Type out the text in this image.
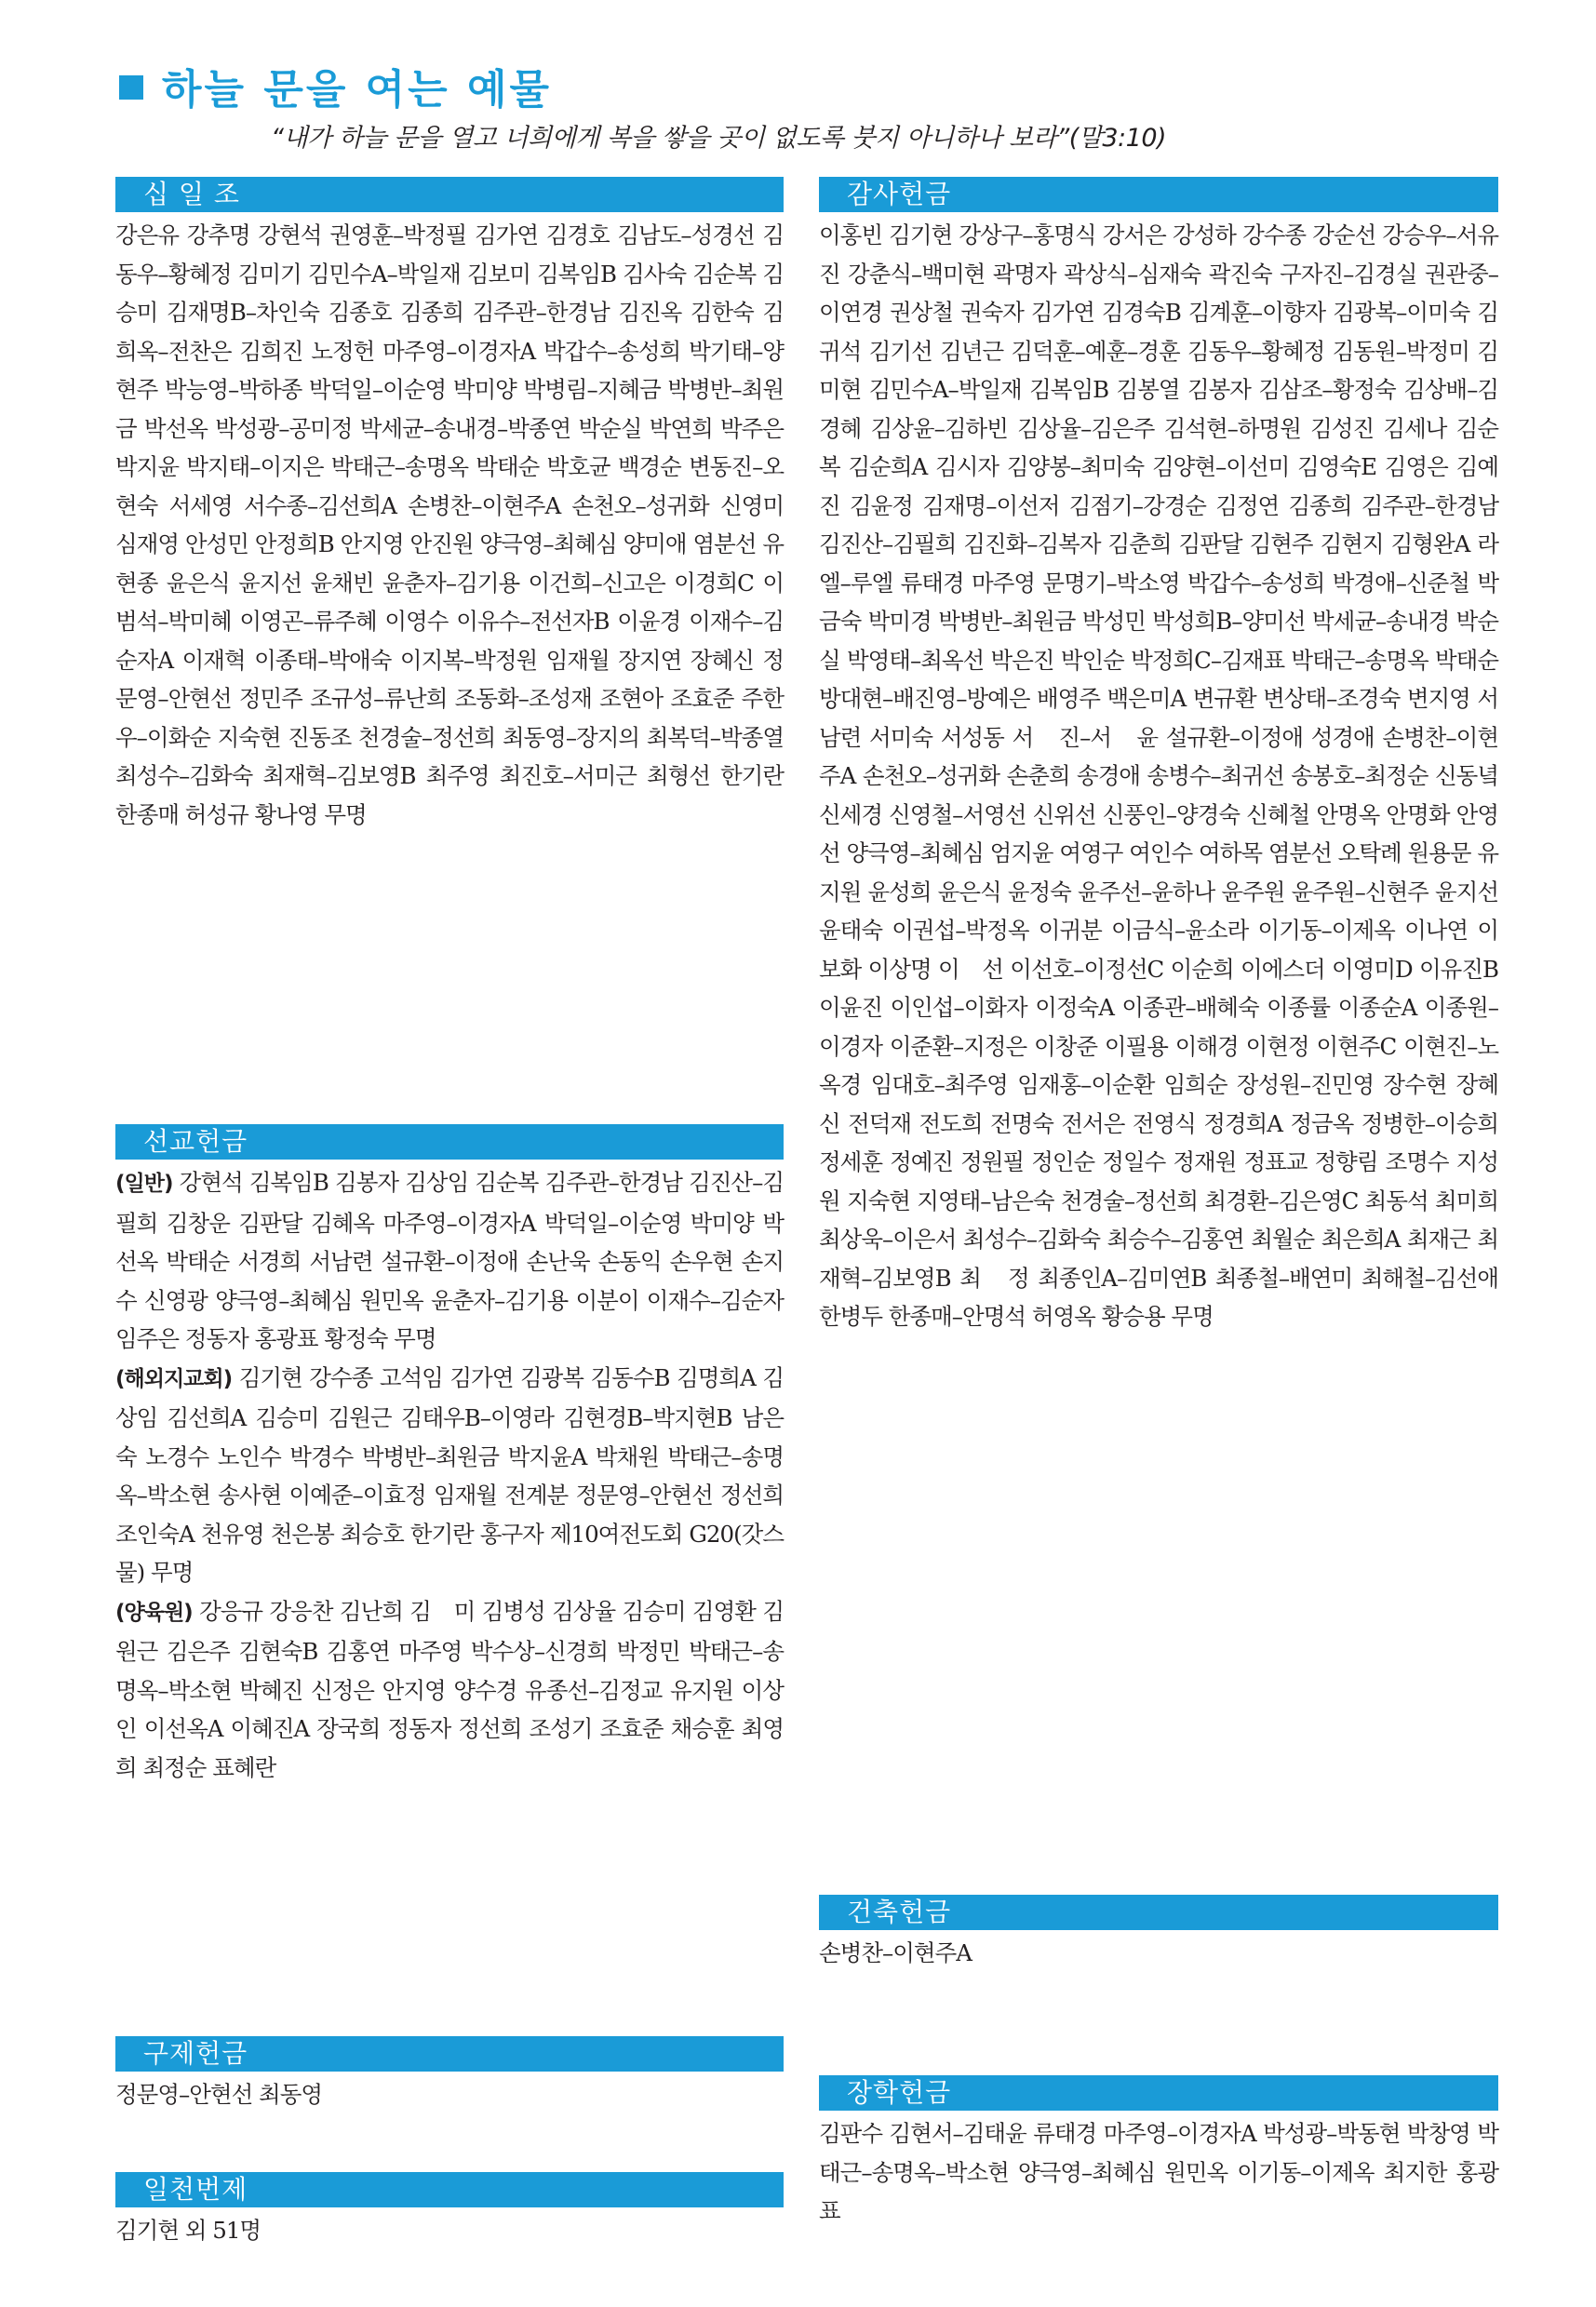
하늘 문을 여는 예물
“내가 하늘 문을 열고 너희에게 복을 쌓을 곳이 없도록 붓지 아니하나 보라”(말3:10)
십 일 조
강은유 강추명 강현석 권영훈–박정필 김가연 김경호 김남도–성경선 김동우–황혜정 김미기 김민수A–박일재 김보미 김복임B 김사숙 김순복 김승미 김재명B–차인숙 김종호 김종희 김주관–한경남 김진옥 김한숙 김희옥–전찬은 김희진 노정헌 마주영–이경자A 박갑수–송성희 박기태–양현주 박능영–박하종 박덕일–이순영 박미양 박병림–지혜금 박병반–최원금 박선옥 박성광–공미정 박세균–송내경–박종연 박순실 박연희 박주은 박지윤 박지태–이지은 박태근–송명옥 박태순 박호균 백경순 변동진–오현숙 서세영 서수종–김선희A 손병찬–이현주A 손천오–성귀화 신영미 심재영 안성민 안정희B 안지영 안진원 양극영–최혜심 양미애 염분선 유현종 윤은식 윤지선 윤채빈 윤춘자–김기용 이건희–신고은 이경희C 이범석–박미혜 이영곤–류주혜 이영수 이유수–전선자B 이윤경 이재수–김순자A 이재혁 이종태–박애숙 이지복–박정원 임재월 장지연 장혜신 정문영–안현선 정민주 조규성–류난희 조동화–조성재 조현아 조효준 주한우–이화순 지숙현 진동조 천경술–정선희 최동영–장지의 최복덕–박종열 최성수–김화숙 최재혁–김보영B 최주영 최진호–서미근 최형선 한기란 한종매 허성규 황나영 무명
선교헌금

(일반) 강현석 김복임B 김봉자 김상임 김순복 김주관–한경남 김진산–김필희 김창운 김판달 김혜옥 마주영–이경자A 박덕일–이순영 박미양 박선옥 박태순 서경희 서남련 설규환–이정애 손난욱 손동익 손우현 손지수 신영광 양극영–최혜심 원민옥 윤춘자–김기용 이분이 이재수–김순자 임주은 정동자 홍광표 황정숙 무명

(해외지교회) 김기현 강수종 고석임 김가연 김광복 김동수B 김명희A 김상임 김선희A 김승미 김원근 김태우B–이영라 김현경B–박지현B 남은숙 노경수 노인수 박경수 박병반–최원금 박지윤A 박채원 박태근–송명옥–박소현 송사현 이예준–이효정 임재월 전계분 정문영–안현선 정선희 조인숙A 천유영 천은봉 최승호 한기란 홍구자 제10여전도회 G20(갓스물) 무명

(양육원) 강응규 강응찬 김난희 김　미 김병성 김상율 김승미 김영환 김원근 김은주 김현숙B 김홍연 마주영 박수상–신경희 박정민 박태근–송명옥–박소현 박혜진 신정은 안지영 양수경 유종선–김정교 유지원 이상인 이선옥A 이혜진A 장국희 정동자 정선희 조성기 조효준 채승훈 최영희 최정순 표혜란

구제헌금
정문영–안현선 최동영
일천번제
김기현 외 51명
감사헌금
이홍빈 김기현 강상구–홍명식 강서은 강성하 강수종 강순선 강승우–서유진 강춘식–백미현 곽명자 곽상식–심재숙 곽진숙 구자진–김경실 권관중–이연경 권상철 권숙자 김가연 김경숙B 김계훈–이향자 김광복–이미숙 김귀석 김기선 김년근 김덕훈–예훈–경훈 김동우–황혜정 김동원–박정미 김미현 김민수A–박일재 김복임B 김봉열 김봉자 김삼조–황정숙 김상배–김경혜 김상윤–김하빈 김상율–김은주 김석현–하명원 김성진 김세나 김순복 김순희A 김시자 김양봉–최미숙 김양현–이선미 김영숙E 김영은 김예진 김윤정 김재명–이선저 김점기–강경순 김정연 김종희 김주관–한경남 김진산–김필희 김진화–김복자 김춘희 김판달 김현주 김현지 김형완A 라엘–루엘 류태경 마주영 문명기–박소영 박갑수–송성희 박경애–신준철 박금숙 박미경 박병반–최원금 박성민 박성희B–양미선 박세균–송내경 박순실 박영태–최옥선 박은진 박인순 박정희C–김재표 박태근–송명옥 박태순 방대현–배진영–방예은 배영주 백은미A 변규환 변상태–조경숙 변지영 서남련 서미숙 서성동 서　진–서　윤 설규환–이정애 성경애 손병찬–이현주A 손천오–성귀화 손춘희 송경애 송병수–최귀선 송봉호–최정순 신동녘 신세경 신영철–서영선 신위선 신풍인–양경숙 신혜철 안명옥 안명화 안영선 양극영–최혜심 엄지윤 여영구 여인수 여하목 염분선 오탁례 원용문 유지원 윤성희 윤은식 윤정숙 윤주선–윤하나 윤주원 윤주원–신현주 윤지선 윤태숙 이권섭–박정옥 이귀분 이금식–윤소라 이기동–이제옥 이나연 이보화 이상명 이　선 이선호–이정선C 이순희 이에스더 이영미D 이유진B 이윤진 이인섭–이화자 이정숙A 이종관–배혜숙 이종률 이종순A 이종원–이경자 이준환–지정은 이창준 이필용 이해경 이현정 이현주C 이현진–노옥경 임대호–최주영 임재홍–이순환 임희순 장성원–진민영 장수현 장혜신 전덕재 전도희 전명숙 전서은 전영식 정경희A 정금옥 정병한–이승희 정세훈 정예진 정원필 정인순 정일수 정재원 정표교 정향림 조명수 지성원 지숙현 지영태–남은숙 천경술–정선희 최경환–김은영C 최동석 최미희 최상욱–이은서 최성수–김화숙 최승수–김홍연 최월순 최은희A 최재근 최재혁–김보영B 최　정 최종인A–김미연B 최종철–배연미 최해철–김선애 한병두 한종매–안명석 허영옥 황승용 무명
건축헌금
손병찬–이현주A
장학헌금
김판수 김현서–김태윤 류태경 마주영–이경자A 박성광–박동현 박창영 박태근–송명옥–박소현 양극영–최혜심 원민옥 이기동–이제옥 최지한 홍광표
